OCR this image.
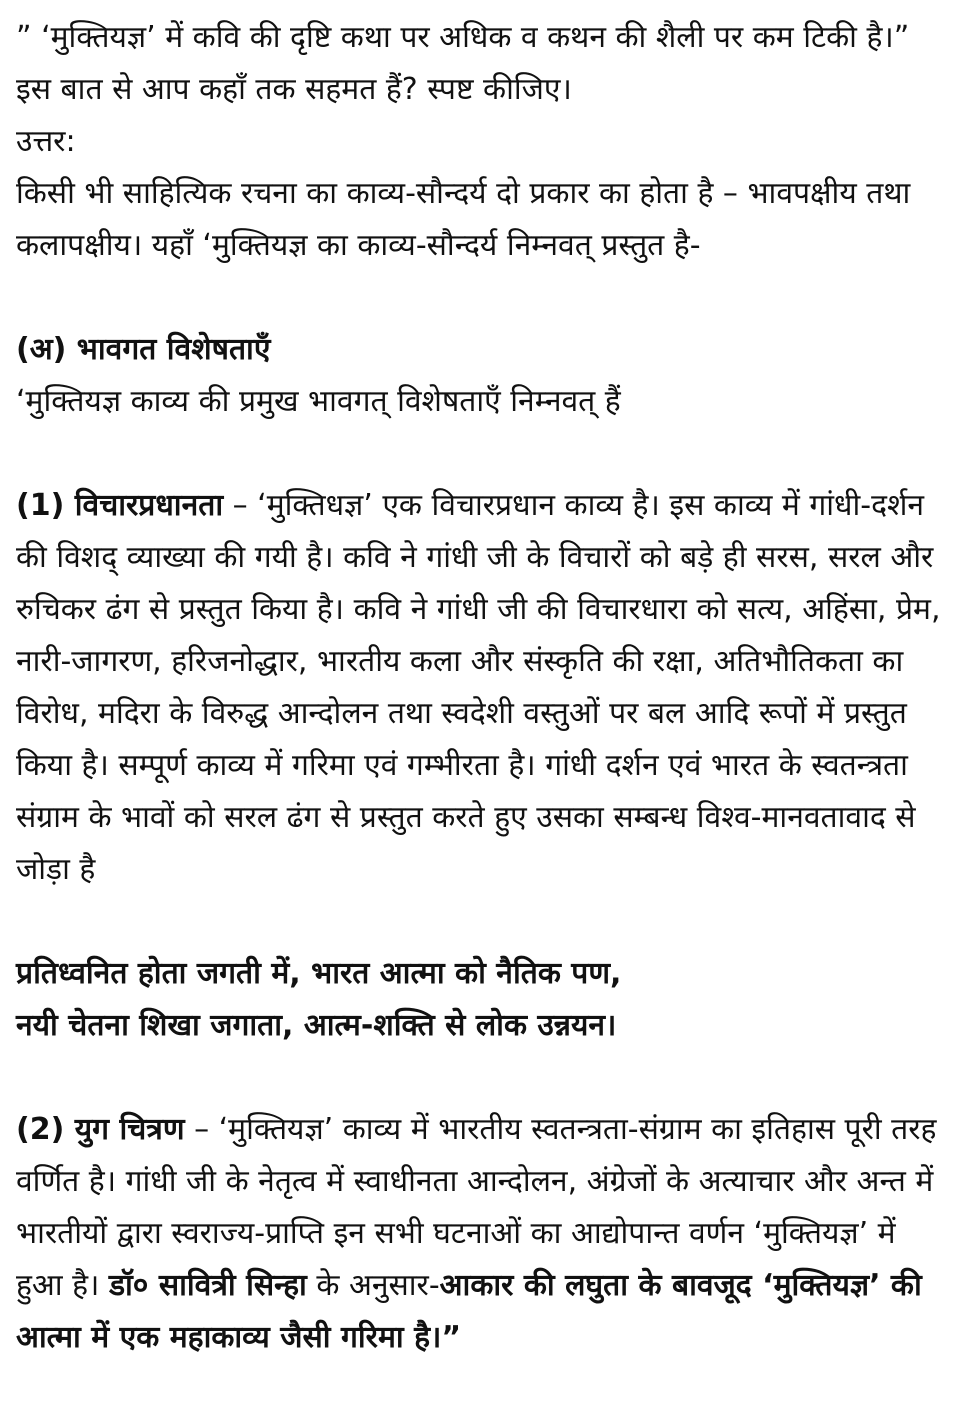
” ‘मुक्तियज्ञ’ में कवि की दृष्टि कथा पर अधिक व कथन की शैली पर कम टिकी है।” इस बात से आप कहाँ तक सहमत हैं? स्पष्ट कीजिए।

उत्तर:

किसी भी साहित्यिक रचना का काव्य-सौन्दर्य दो प्रकार का होता है – भावपक्षीय तथा कलापक्षीय। यहाँ ‘मुक्तियज्ञ का काव्य-सौन्दर्य निम्नवत् प्रस्तुत है-

(अ) भावगत विशेषताएँ

‘मुक्तियज्ञ काव्य की प्रमुख भावगत् विशेषताएँ निम्नवत् हैं

(1) विचारप्रधानता – ‘मुक्तिधज्ञ’ एक विचारप्रधान काव्य है। इस काव्य में गांधी-दर्शन की विशद् व्याख्या की गयी है। कवि ने गांधी जी के विचारों को बड़े ही सरस, सरल और रुचिकर ढंग से प्रस्तुत किया है। कवि ने गांधी जी की विचारधारा को सत्य, अहिंसा, प्रेम, नारी-जागरण, हरिजनोद्धार, भारतीय कला और संस्कृति की रक्षा, अतिभौतिकता का विरोध, मदिरा के विरुद्ध आन्दोलन तथा स्वदेशी वस्तुओं पर बल आदि रूपों में प्रस्तुत किया है। सम्पूर्ण काव्य में गरिमा एवं गम्भीरता है। गांधी दर्शन एवं भारत के स्वतन्त्रता संग्राम के भावों को सरल ढंग से प्रस्तुत करते हुए उसका सम्बन्ध विश्व-मानवतावाद से जोड़ा है

प्रतिध्वनित होता जगती में, भारत आत्मा को नैतिक पण,

नयी चेतना शिखा जगाता, आत्म-शक्ति से लोक उन्नयन।

(2) युग चित्रण – ‘मुक्तियज्ञ’ काव्य में भारतीय स्वतन्त्रता-संग्राम का इतिहास पूरी तरह वर्णित है। गांधी जी के नेतृत्व में स्वाधीनता आन्दोलन, अंग्रेजों के अत्याचार और अन्त में भारतीयों द्वारा स्वराज्य-प्राप्ति इन सभी घटनाओं का आद्योपान्त वर्णन ‘मुक्तियज्ञ’ में हुआ है। डॉ० सावित्री सिन्हा के अनुसार-आकार की लघुता के बावजूद ‘मुक्तियज्ञ’ की आत्मा में एक महाकाव्य जैसी गरिमा है।”
